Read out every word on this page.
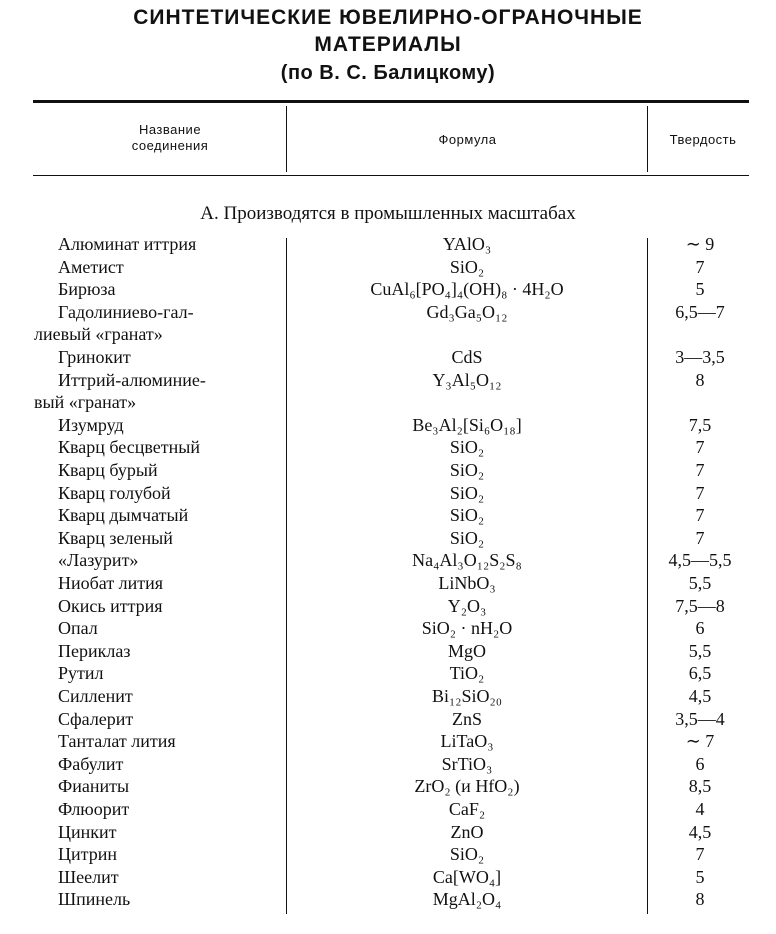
СИНТЕТИЧЕСКИЕ ЮВЕЛИРНО-ОГРАНОЧНЫЕ
МАТЕРИАЛЫ
(по В. С. Балицкому)
Название
соединения	Формула	Твердость
А. Производятся в промышленных масштабах
Алюминат иттрия	YAlO₃	∼ 9
Аметист	SiO₂	7
Бирюза	CuAl₆[PO₄]₄(OH)₈ · 4H₂O	5
Гадолиниево-гал-	Gd₃Ga₅O₁₂	6,5—7
лиевый «гранат»
Гринокит	CdS	3—3,5
Иттрий-алюминие-	Y₃Al₅O₁₂	8
вый «гранат»
Изумруд	Be₃Al₂[Si₆O₁₈]	7,5
Кварц бесцветный	SiO₂	7
Кварц бурый	SiO₂	7
Кварц голубой	SiO₂	7
Кварц дымчатый	SiO₂	7
Кварц зеленый	SiO₂	7
«Лазурит»	Na₄Al₃O₁₂S₂S₈	4,5—5,5
Ниобат лития	LiNbO₃	5,5
Окись иттрия	Y₂O₃	7,5—8
Опал	SiO₂ · nH₂O	6
Периклаз	MgO	5,5
Рутил	TiO₂	6,5
Силленит	Bi₁₂SiO₂₀	4,5
Сфалерит	ZnS	3,5—4
Танталат лития	LiTaO₃	∼ 7
Фабулит	SrTiO₃	6
Фианиты	ZrO₂ (и HfO₂)	8,5
Флюорит	CaF₂	4
Цинкит	ZnO	4,5
Цитрин	SiO₂	7
Шеелит	Ca[WO₄]	5
Шпинель	MgAl₂O₄	8
